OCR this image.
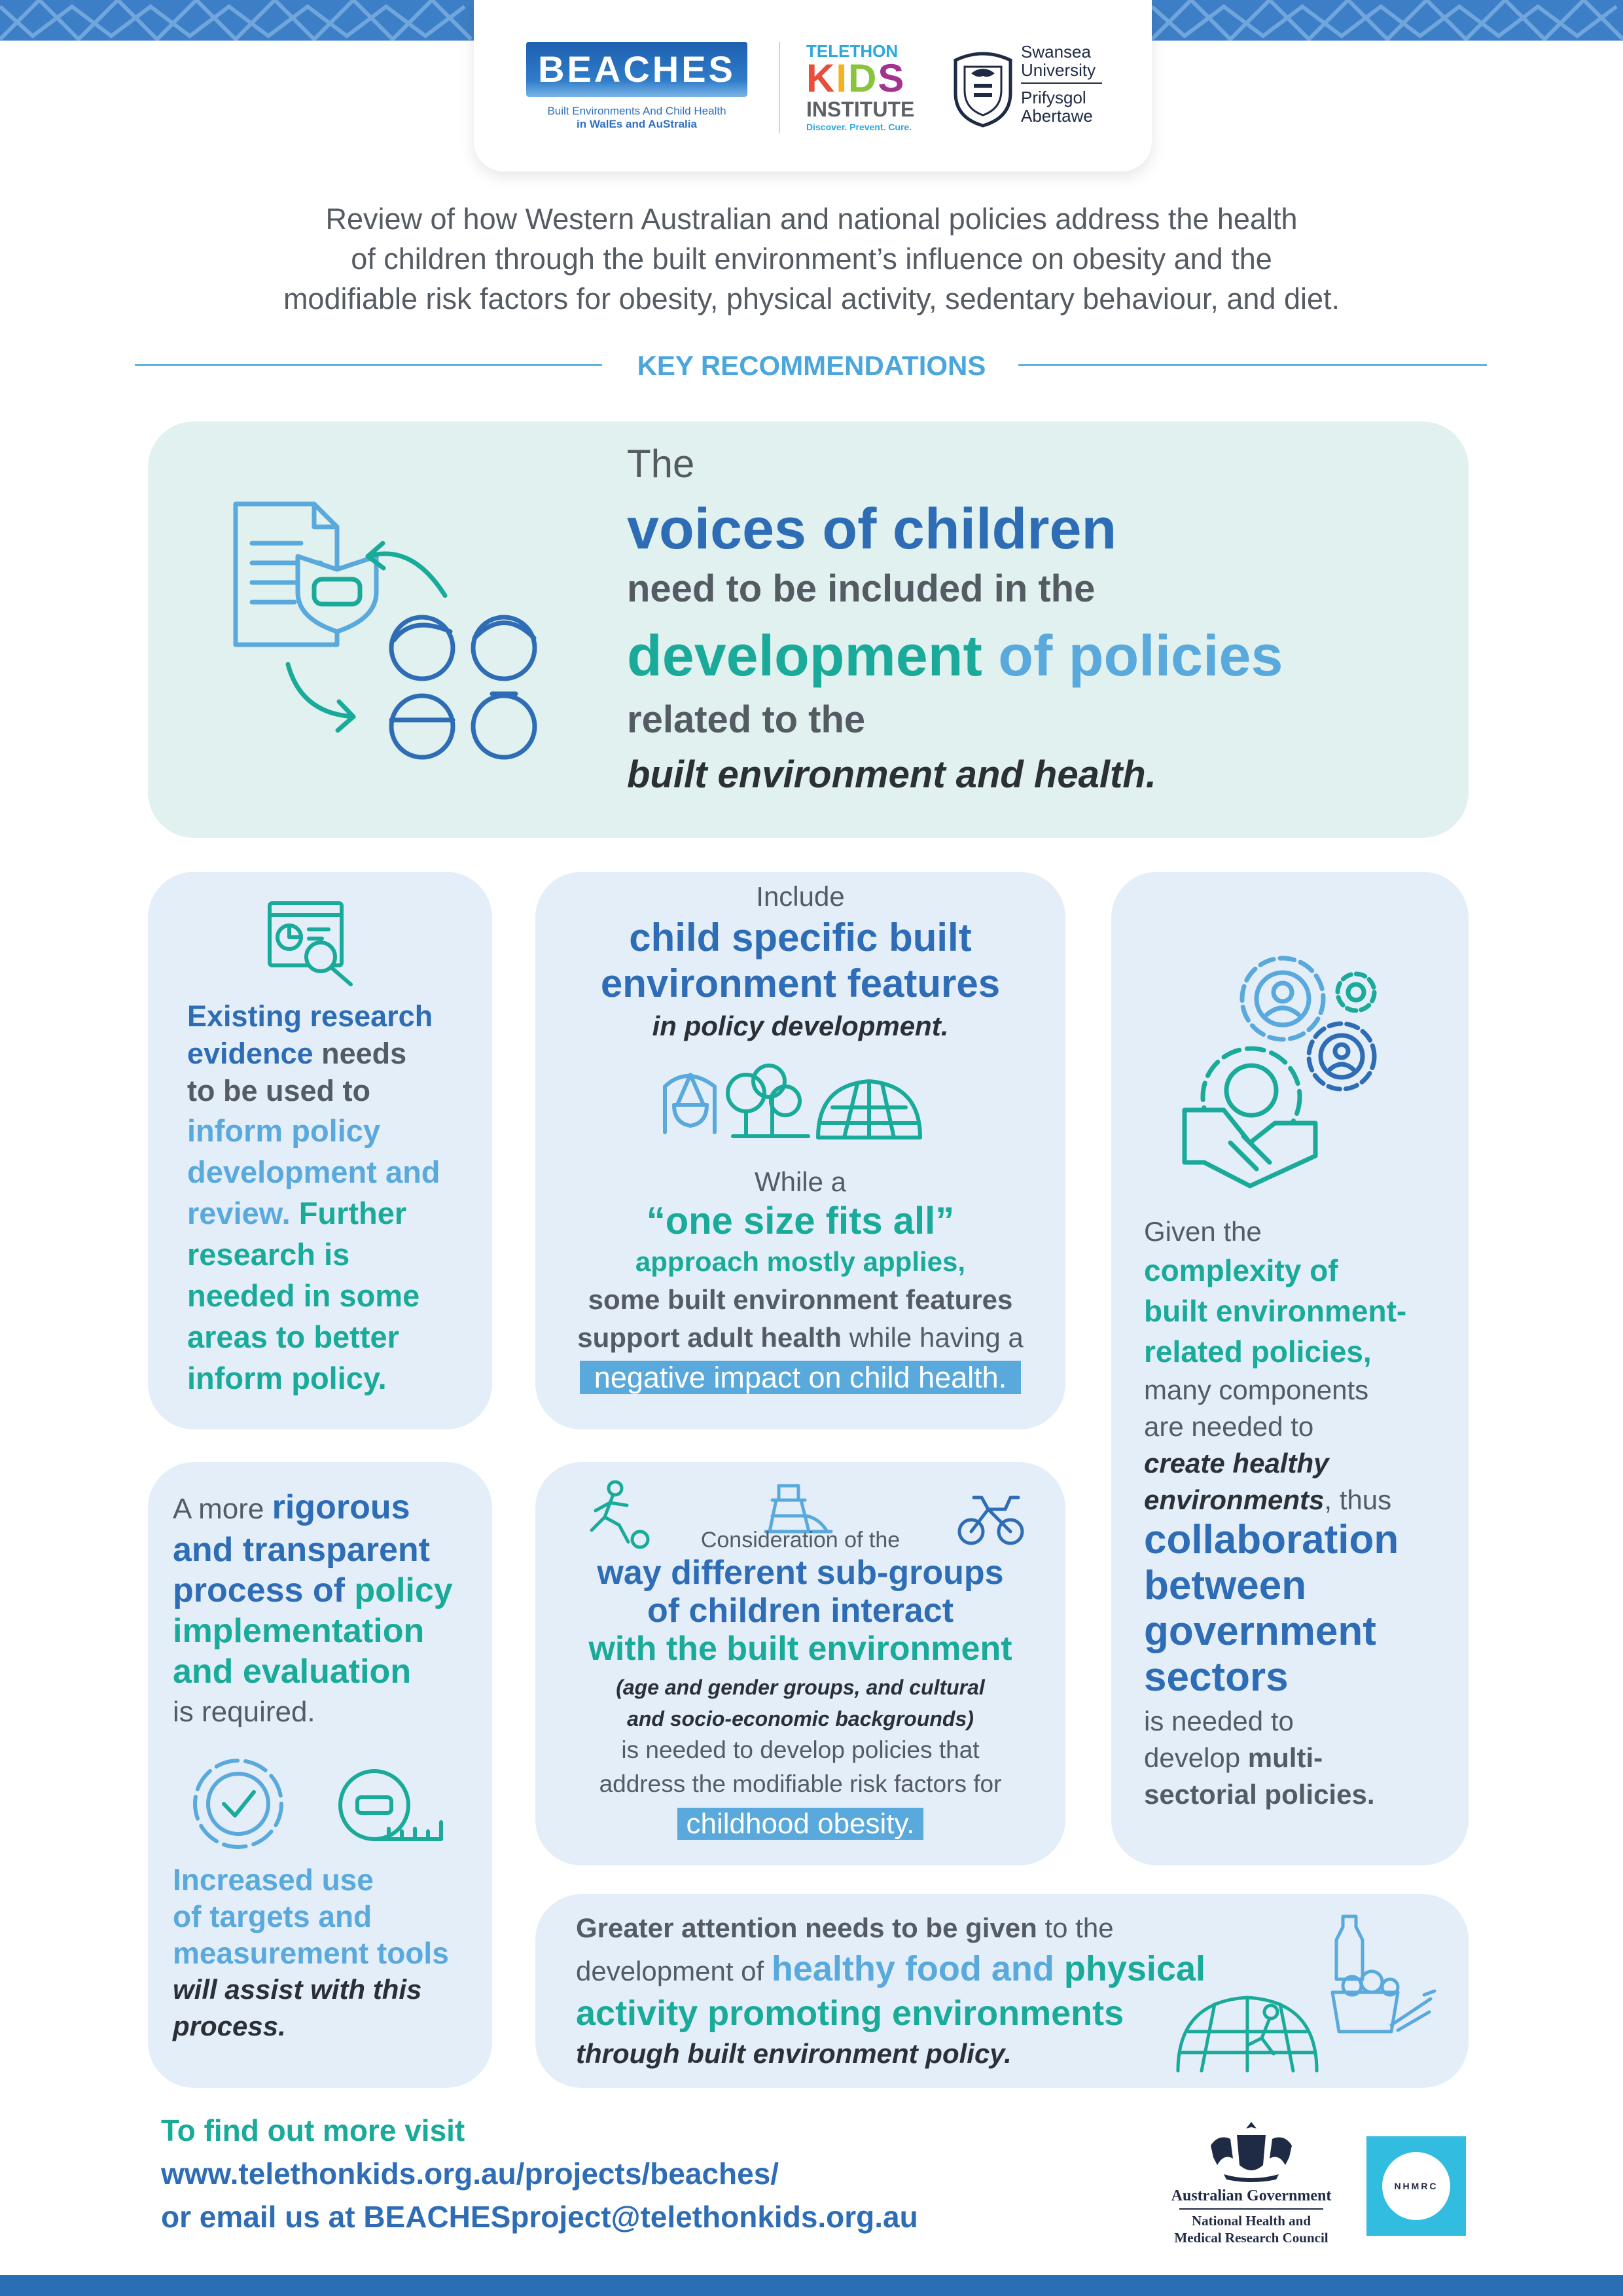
BEACHES
Built Environments And Child Health
in WalEs and AuStralia
TELETHON
KIDS
INSTITUTE
Discover. Prevent. Cure.
Swansea
University
Prifysgol
Abertawe
Review of how Western Australian and national policies address the health
of children through the built environment’s influence on obesity and the
modifiable risk factors for obesity, physical activity, sedentary behaviour, and diet.
KEY RECOMMENDATIONS
The
voices of children
need to be included in the
development of policies
related to the
built environment and health.
Existing research
evidence needs
to be used to
inform policy
development and
review. Further
research is
needed in some
areas to better
inform policy.
Include
child specific built
environment features
in policy development.
While a
“one size fits all”
approach mostly applies,
some built environment features
support adult health while having a
negative impact on child health.
Given the
complexity of
built environment-
related policies,
many components
are needed to
create healthy
environments, thus
collaboration
between
government
sectors
is needed to
develop multi-
sectorial policies.
A more rigorous
and transparent
process of policy
implementation
and evaluation
is required.
Increased use
of targets and
measurement tools
will assist with this
process.
Consideration of the
way different sub-groups
of children interact
with the built environment
(age and gender groups, and cultural
and socio-economic backgrounds)
is needed to develop policies that
address the modifiable risk factors for
childhood obesity.
Greater attention needs to be given to the
development of healthy food and physical
activity promoting environments
through built environment policy.
To find out more visit
www.telethonkids.org.au/projects/beaches/
or email us at BEACHESproject@telethonkids.org.au
Australian Government
National Health and
Medical Research Council
NHMRC
